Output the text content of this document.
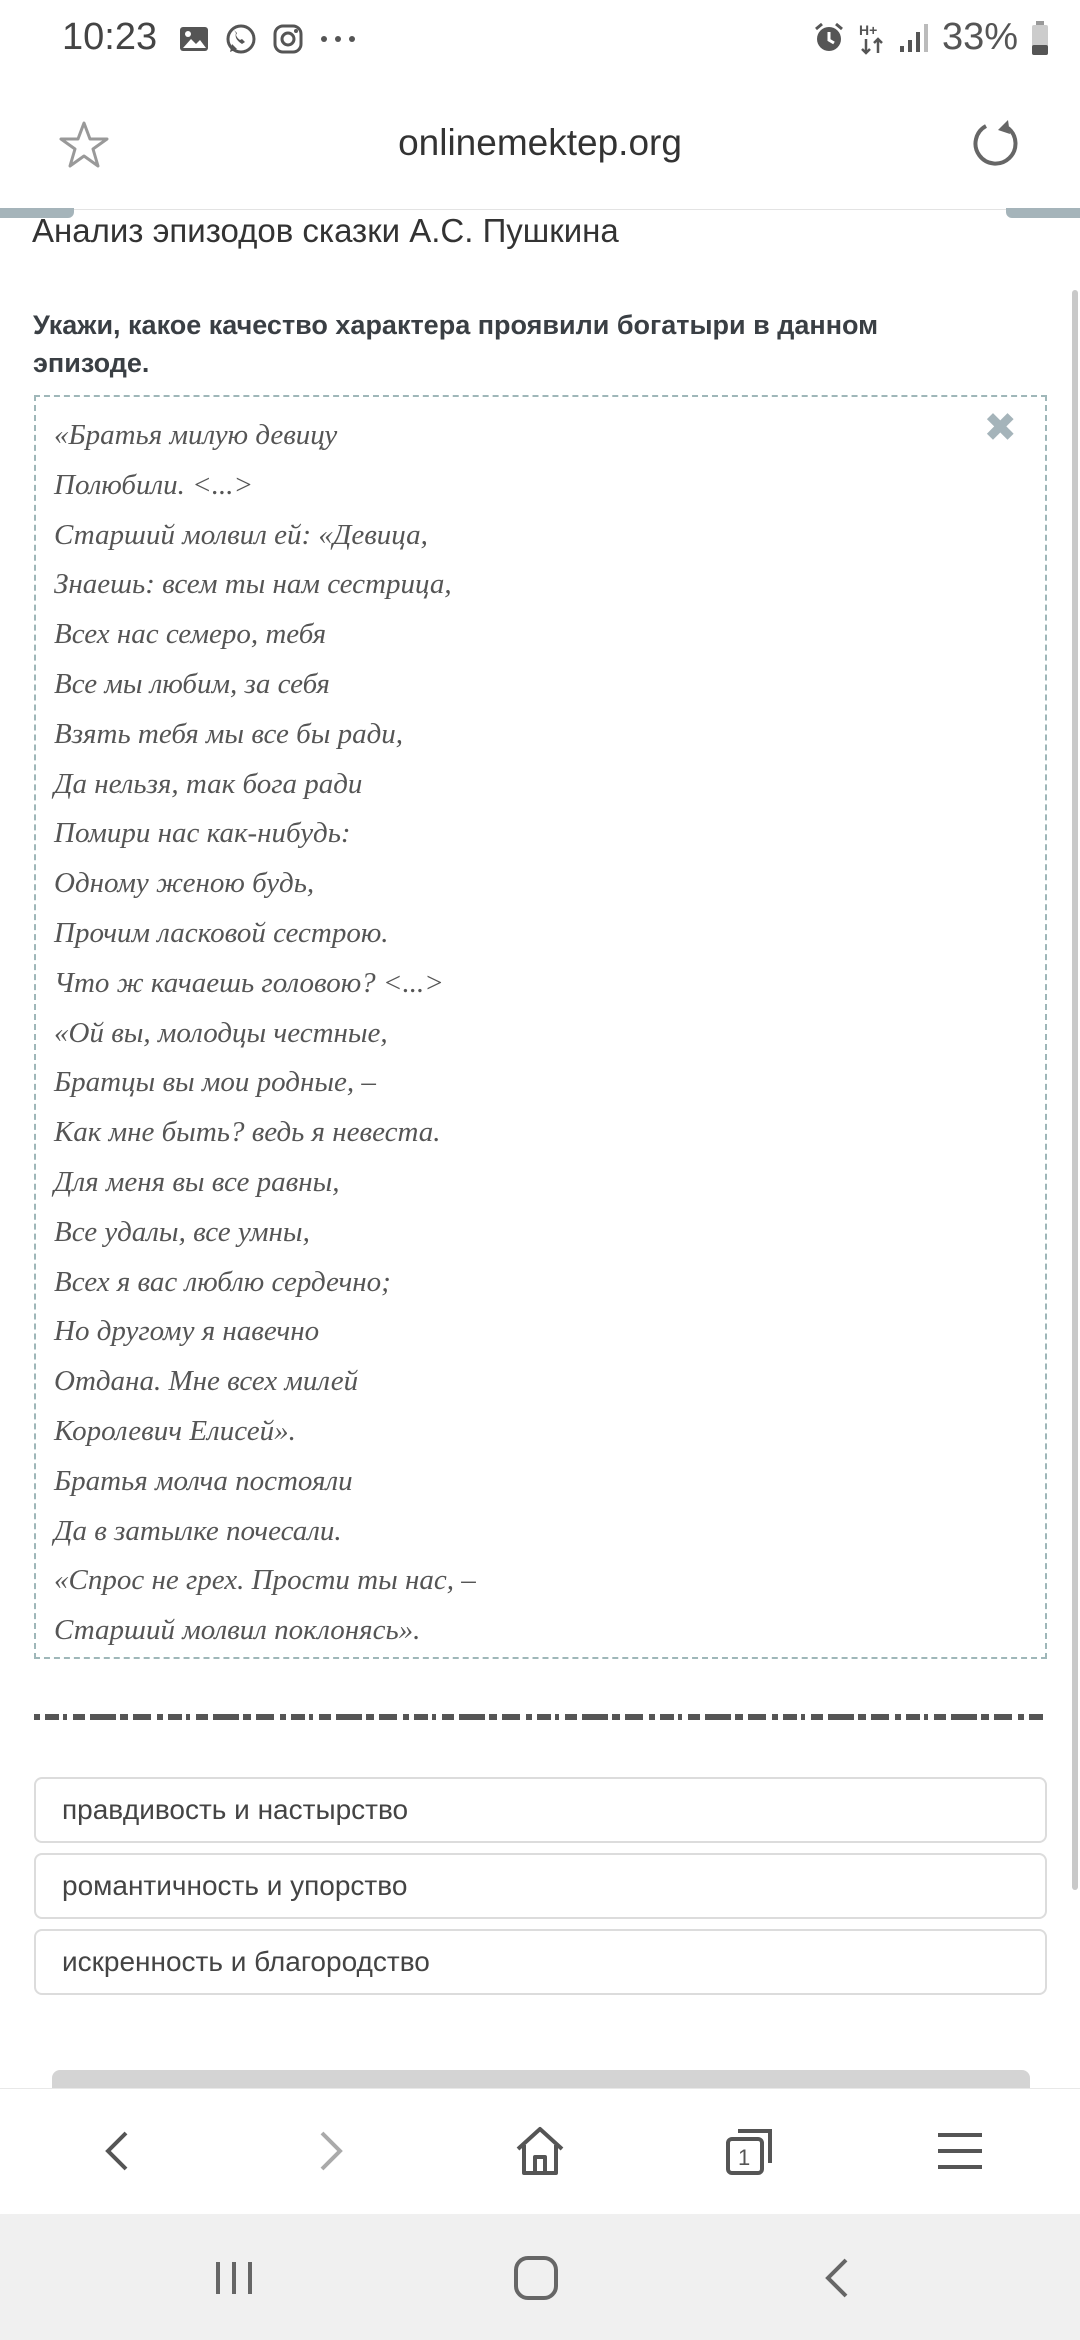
10:23	H+ 33%
onlinemektep.org
Анализ эпизодов сказки А.С. Пушкина
Укажи, какое качество характера проявили богатыри в данном эпизоде.
✖
«Братья милую девицу
Полюбили. <...>
Старший молвил ей: «Девица,
Знаешь: всем ты нам сестрица,
Всех нас семеро, тебя
Все мы любим, за себя
Взять тебя мы все бы ради,
Да нельзя, так бога ради
Помири нас как-нибудь:
Одному женою будь,
Прочим ласковой сестрою.
Что ж качаешь головою? <...>
«Ой вы, молодцы честные,
Братцы вы мои родные, –
Как мне быть? ведь я невеста.
Для меня вы все равны,
Все удалы, все умны,
Всех я вас люблю сердечно;
Но другому я навечно
Отдана. Мне всех милей
Королевич Елисей».
Братья молча постояли
Да в затылке почесали.
«Спрос не грех. Прости ты нас, –
Старший молвил поклонясь».
правдивость и настырство
романтичность и упорство
искренность и благородство
1
